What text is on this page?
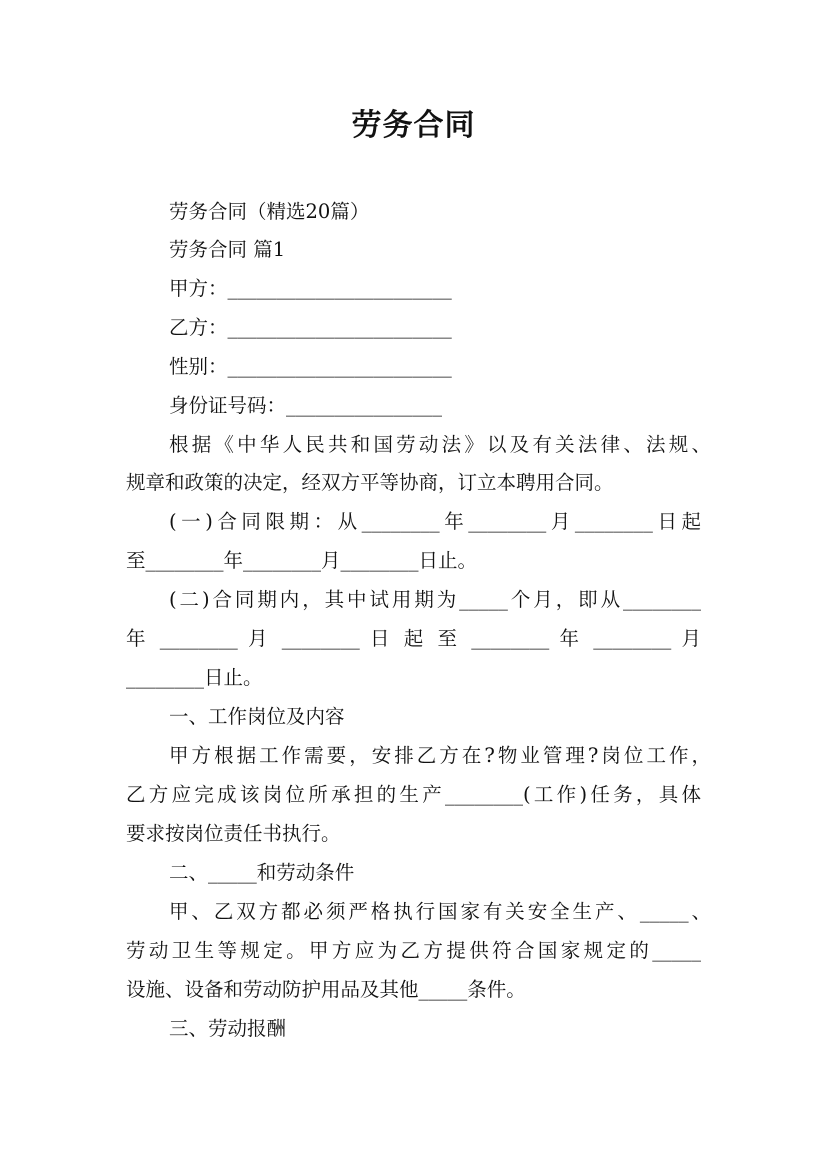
劳务合同
劳务合同（精选20篇）
劳务合同 篇1
甲方：_______________________
乙方：_______________________
性别：_______________________
身份证号码：________________
根据《中华人民共和国劳动法》以及有关法律、法规、
规章和政策的决定，经双方平等协商，订立本聘用合同。
(一)合同限期：从________年________月________日起
至________年________月________日止。
(二)合同期内，其中试用期为_____个月，即从________
年 ________ 月 ________ 日 起 至 ________ 年 ________ 月
________日止。
一、工作岗位及内容
甲方根据工作需要，安排乙方在?物业管理?岗位工作，
乙方应完成该岗位所承担的生产________(工作)任务，具体
要求按岗位责任书执行。
二、_____和劳动条件
甲、乙双方都必须严格执行国家有关安全生产、_____、
劳动卫生等规定。甲方应为乙方提供符合国家规定的_____
设施、设备和劳动防护用品及其他_____条件。
三、劳动报酬
